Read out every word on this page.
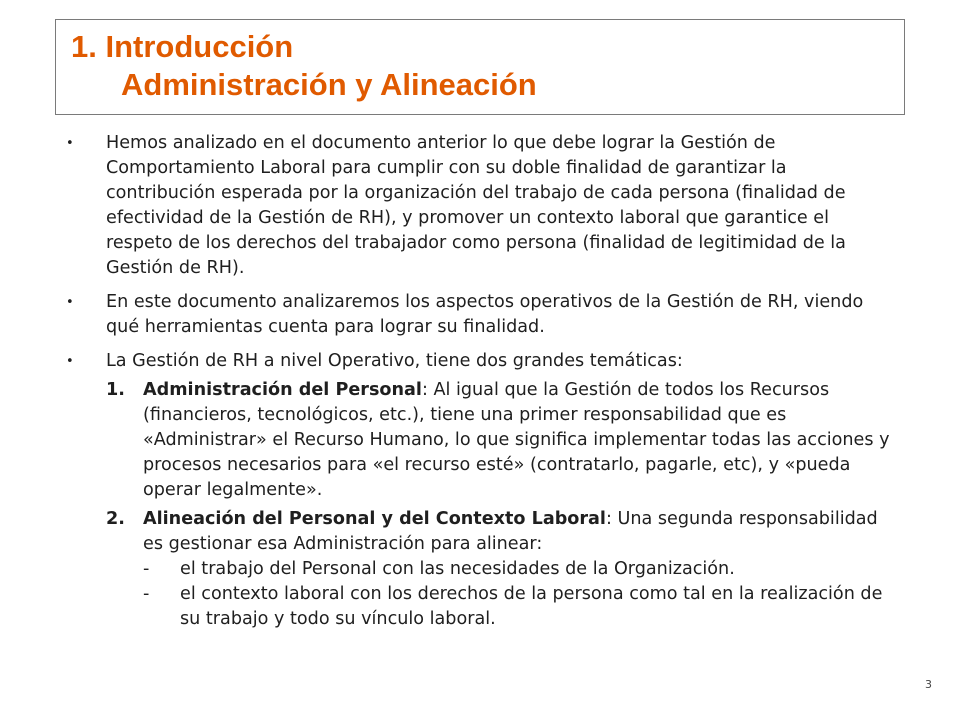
1. Introducción
Administración y Alineación
• Hemos analizado en el documento anterior lo que debe lograr la Gestión de Comportamiento Laboral para cumplir con su doble finalidad de garantizar la contribución esperada por la organización del trabajo de cada persona (finalidad de efectividad de la Gestión de RH), y promover un contexto laboral que garantice el respeto de los derechos del trabajador como persona (finalidad de legitimidad de la Gestión de RH).
• En este documento analizaremos los aspectos operativos de la Gestión de RH, viendo qué herramientas cuenta para lograr su finalidad.
• La Gestión de RH a nivel Operativo, tiene dos grandes temáticas:
1. Administración del Personal: Al igual que la Gestión de todos los Recursos (financieros, tecnológicos, etc.), tiene una primer responsabilidad que es «Administrar» el Recurso Humano, lo que significa implementar todas las acciones y procesos necesarios para «el recurso esté» (contratarlo, pagarle, etc), y «pueda operar legalmente».
2. Alineación del Personal y del Contexto Laboral: Una segunda responsabilidad es gestionar esa Administración para alinear:
- el trabajo del Personal con las necesidades de la Organización.
- el contexto laboral con los derechos de la persona como tal en la realización de su trabajo y todo su vínculo laboral.
3
